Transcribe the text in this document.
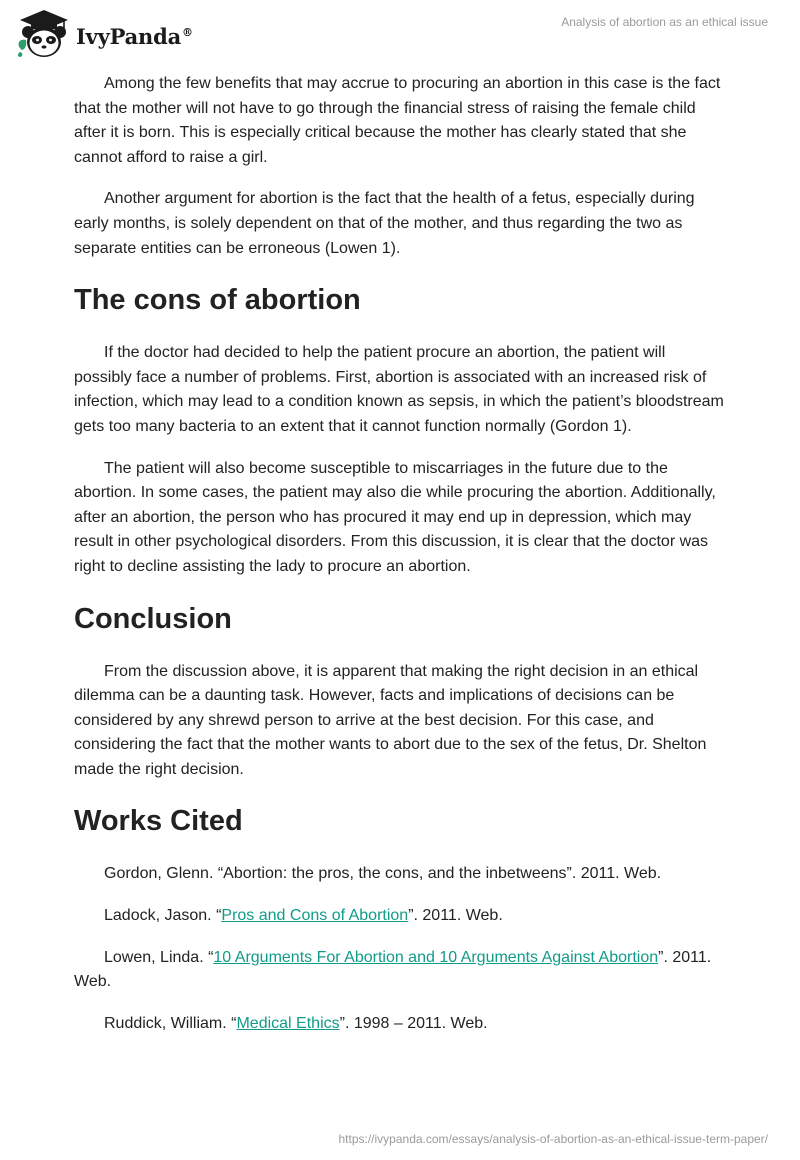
IvyPanda®
Analysis of abortion as an ethical issue

Among the few benefits that may accrue to procuring an abortion in this case is the fact that the mother will not have to go through the financial stress of raising the female child after it is born. This is especially critical because the mother has clearly stated that she cannot afford to raise a girl.

Another argument for abortion is the fact that the health of a fetus, especially during early months, is solely dependent on that of the mother, and thus regarding the two as separate entities can be erroneous (Lowen 1).

The cons of abortion

If the doctor had decided to help the patient procure an abortion, the patient will possibly face a number of problems. First, abortion is associated with an increased risk of infection, which may lead to a condition known as sepsis, in which the patient’s bloodstream gets too many bacteria to an extent that it cannot function normally (Gordon 1).

The patient will also become susceptible to miscarriages in the future due to the abortion. In some cases, the patient may also die while procuring the abortion. Additionally, after an abortion, the person who has procured it may end up in depression, which may result in other psychological disorders. From this discussion, it is clear that the doctor was right to decline assisting the lady to procure an abortion.

Conclusion

From the discussion above, it is apparent that making the right decision in an ethical dilemma can be a daunting task. However, facts and implications of decisions can be considered by any shrewd person to arrive at the best decision. For this case, and considering the fact that the mother wants to abort due to the sex of the fetus, Dr. Shelton made the right decision.

Works Cited

Gordon, Glenn. “Abortion: the pros, the cons, and the inbetweens”. 2011. Web.

Ladock, Jason. “Pros and Cons of Abortion”. 2011. Web.

Lowen, Linda. “10 Arguments For Abortion and 10 Arguments Against Abortion”. 2011. Web.

Ruddick, William. “Medical Ethics”. 1998 – 2011. Web.

https://ivypanda.com/essays/analysis-of-abortion-as-an-ethical-issue-term-paper/
